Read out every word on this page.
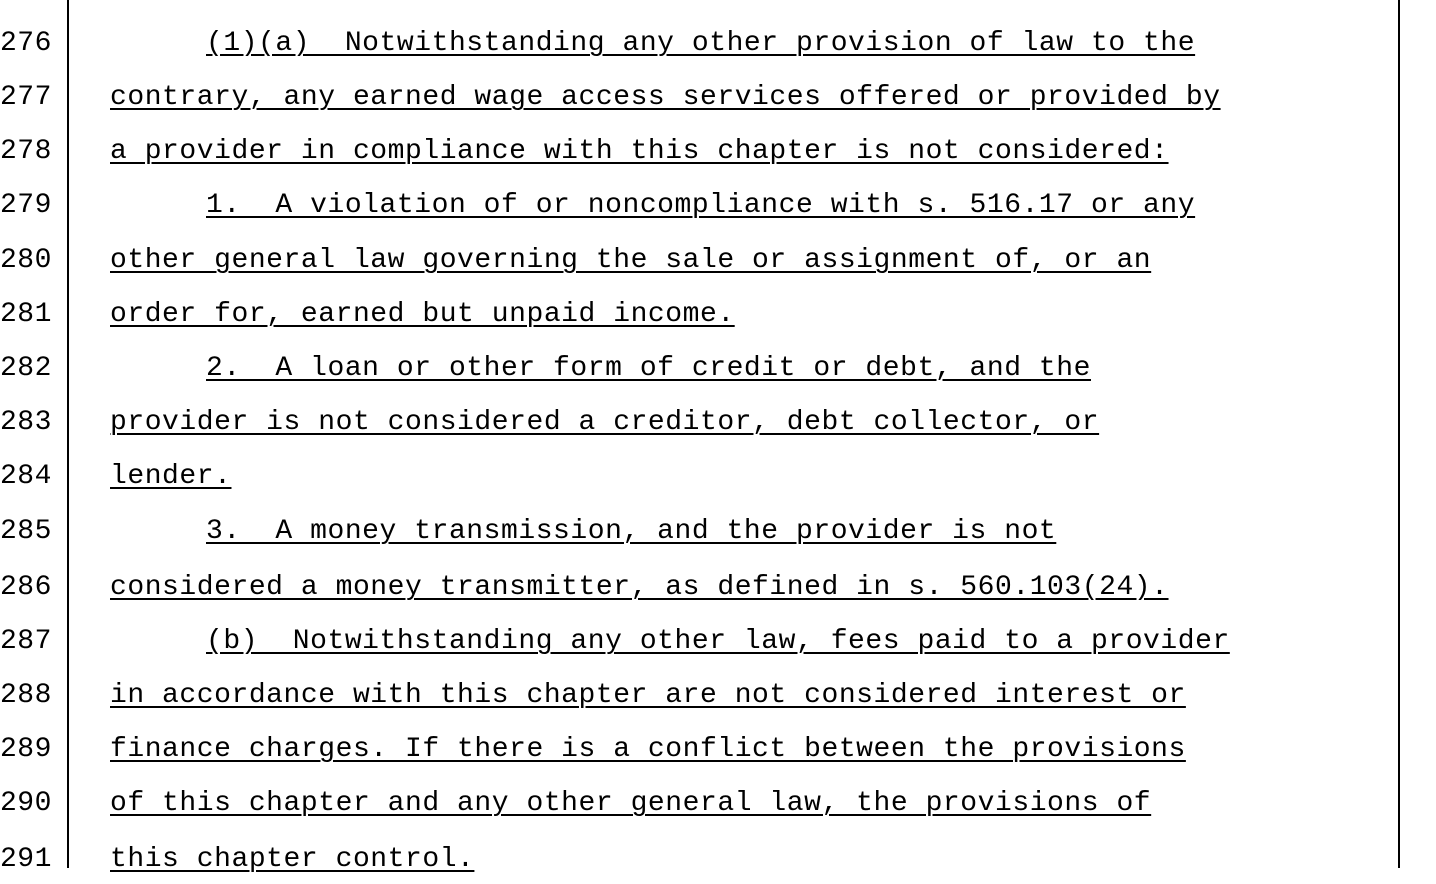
276	(1)(a)  Notwithstanding any other provision of law to the
277	contrary, any earned wage access services offered or provided by
278	a provider in compliance with this chapter is not considered:
279	1.  A violation of or noncompliance with s. 516.17 or any
280	other general law governing the sale or assignment of, or an
281	order for, earned but unpaid income.
282	2.  A loan or other form of credit or debt, and the
283	provider is not considered a creditor, debt collector, or
284	lender.
285	3.  A money transmission, and the provider is not
286	considered a money transmitter, as defined in s. 560.103(24).
287	(b)  Notwithstanding any other law, fees paid to a provider
288	in accordance with this chapter are not considered interest or
289	finance charges. If there is a conflict between the provisions
290	of this chapter and any other general law, the provisions of
291	this chapter control.
